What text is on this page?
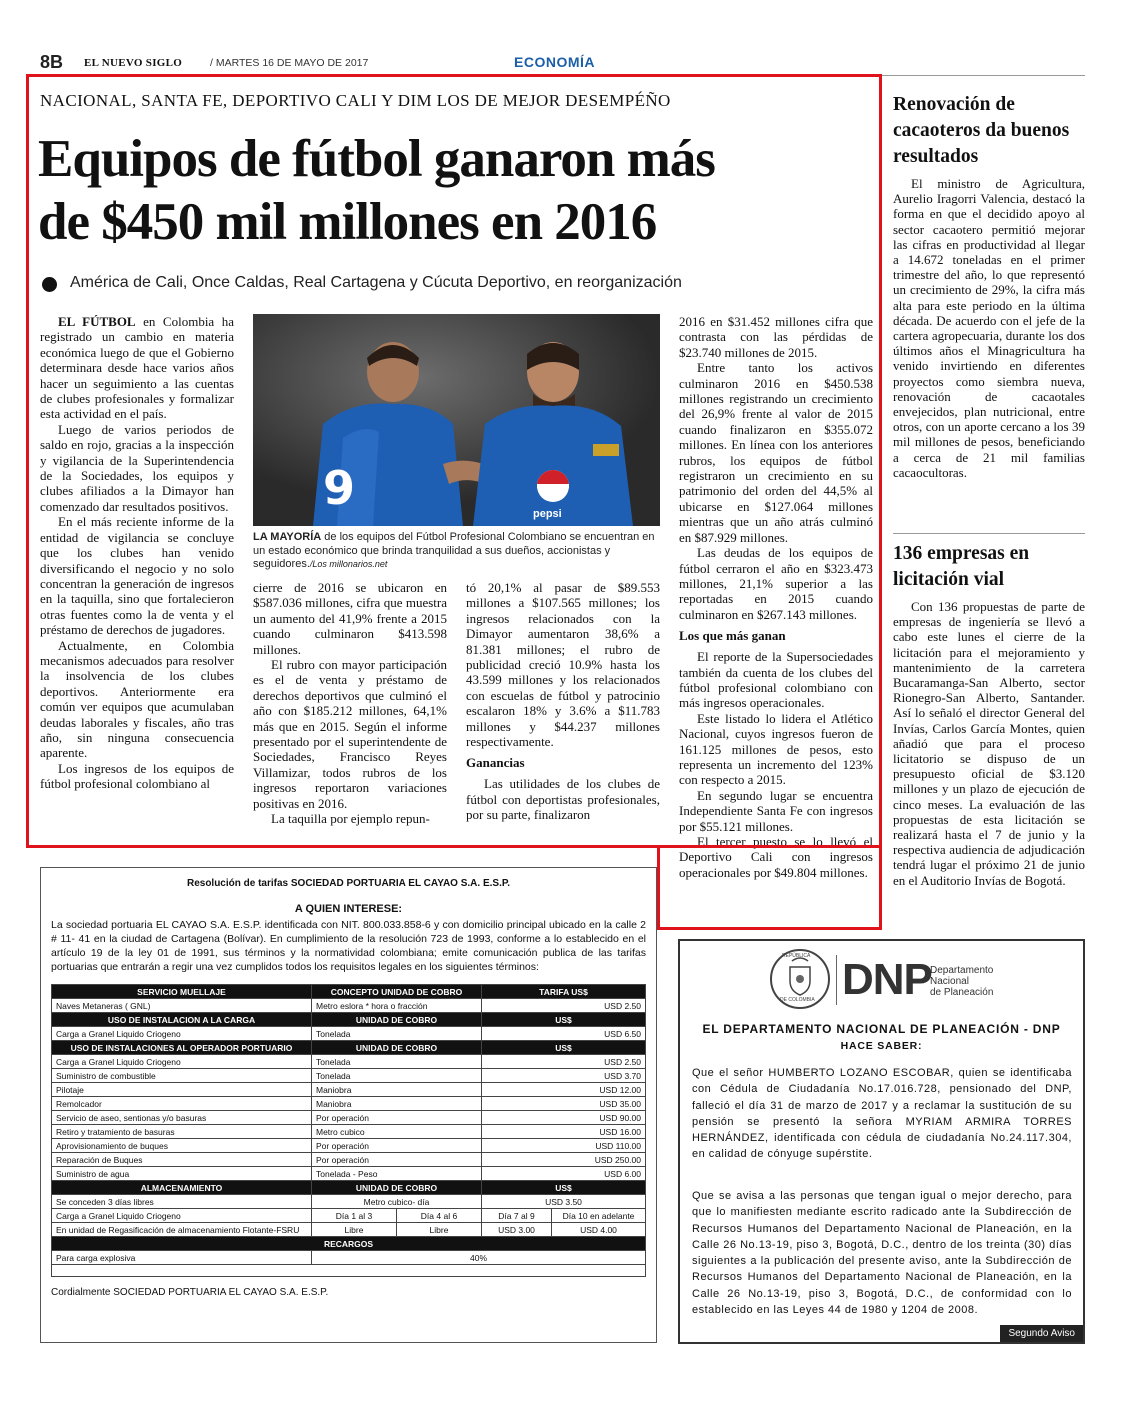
8B EL NUEVO SIGLO	/ MARTES 16 DE MAYO DE 2017	ECONOMÍA
NACIONAL, SANTA FE, DEPORTIVO CALI Y DIM LOS DE MEJOR DESEMPÉÑO
Equipos de fútbol ganaron más
de $450 mil millones en 2016
América de Cali, Once Caldas, Real Cartagena y Cúcuta Deportivo, en reorganización

EL FÚTBOL en Colombia ha registrado un cambio en materia económica luego de que el Gobierno determinara desde hace varios años hacer un seguimiento a las cuentas de clubes profesionales y formalizar esta actividad en el país.

Luego de varios periodos de saldo en rojo, gracias a la inspección y vigilancia de la Superintendencia de la Sociedades, los equipos y clubes afiliados a la Dimayor han comenzado dar resultados positivos.

En el más reciente informe de la entidad de vigilancia se concluye que los clubes han venido diversificando el negocio y no solo concentran la generación de ingresos en la taquilla, sino que fortalecieron otras fuentes como la de venta y el préstamo de derechos de jugadores.

Actualmente, en Colombia mecanismos adecuados para resolver la insolvencia de los clubes deportivos. Anteriormente era común ver equipos que acumulaban deudas laborales y fiscales, año tras año, sin ninguna consecuencia aparente.

Los ingresos de los equipos de fútbol profesional colombiano al

9	pepsi
LA MAYORÍA de los equipos del Fútbol Profesional Colombiano se encuentran en un estado económico que brinda tranquilidad a sus dueños, accionistas y seguidores./Los millonarios.net

cierre de 2016 se ubicaron en $587.036 millones, cifra que muestra un aumento del 41,9% frente a 2015 cuando culminaron $413.598 millones.

El rubro con mayor participación es el de venta y préstamo de derechos deportivos que culminó el año con $185.212 millones, 64,1% más que en 2015. Según el informe presentado por el superintendente de Sociedades, Francisco Reyes Villamizar, todos rubros de los ingresos reportaron variaciones positivas en 2016.

La taquilla por ejemplo repun-

tó 20,1% al pasar de $89.553 millones a $107.565 millones; los ingresos relacionados con la Dimayor aumentaron 38,6% a 81.381 millones; el rubro de publicidad creció 10.9% hasta los 43.599 millones y los relacionados con escuelas de fútbol y patrocinio escalaron 18% y 3.6% a $11.783 millones y $44.237 millones respectivamente.

Ganancias

Las utilidades de los clubes de fútbol con deportistas profesionales, por su parte, finalizaron

2016 en $31.452 millones cifra que contrasta con las pérdidas de $23.740 millones de 2015.

Entre tanto los activos culminaron 2016 en $450.538 millones registrando un crecimiento del 26,9% frente al valor de 2015 cuando finalizaron en $355.072 millones. En línea con los anteriores rubros, los equipos de fútbol registraron un crecimiento en su patrimonio del orden del 44,5% al ubicarse en $127.064 millones mientras que un año atrás culminó en $87.929 millones.

Las deudas de los equipos de fútbol cerraron el año en $323.473 millones, 21,1% superior a las reportadas en 2015 cuando culminaron en $267.143 millones.

Los que más ganan

El reporte de la Supersociedades también da cuenta de los clubes del fútbol profesional colombiano con más ingresos operacionales.

Este listado lo lidera el Atlético Nacional, cuyos ingresos fueron de 161.125 millones de pesos, esto representa un incremento del 123% con respecto a 2015.

En segundo lugar se encuentra Independiente Santa Fe con ingresos por $55.121 millones.

El tercer puesto se lo llevó el Deportivo Cali con ingresos operacionales por $49.804 millones.

Renovación de cacaoteros da buenos resultados

El ministro de Agricultura, Aurelio Iragorri Valencia, destacó la forma en que el decidido apoyo al sector cacaotero permitió mejorar las cifras en productividad al llegar a 14.672 toneladas en el primer trimestre del año, lo que representó un crecimiento de 29%, la cifra más alta para este periodo en la última década. De acuerdo con el jefe de la cartera agropecuaria, durante los dos últimos años el Minagricultura ha venido invirtiendo en diferentes proyectos como siembra nueva, renovación de cacaotales envejecidos, plan nutricional, entre otros, con un aporte cercano a los 39 mil millones de pesos, beneficiando a cerca de 21 mil familias cacaocultoras.

136 empresas en licitación vial

Con 136 propuestas de parte de empresas de ingeniería se llevó a cabo este lunes el cierre de la licitación para el mejoramiento y mantenimiento de la carretera Bucaramanga-San Alberto, sector Rionegro-San Alberto, Santander. Así lo señaló el director General del Invías, Carlos García Montes, quien añadió que para el proceso licitatorio se dispuso de un presupuesto oficial de $3.120 millones y un plazo de ejecución de cinco meses. La evaluación de las propuestas de esta licitación se realizará hasta el 7 de junio y la respectiva audiencia de adjudicación tendrá lugar el próximo 21 de junio en el Auditorio Invías de Bogotá.

Resolución de tarifas SOCIEDAD PORTUARIA EL CAYAO S.A. E.S.P.
A QUIEN INTERESE:
La sociedad portuaria EL CAYAO S.A. E.S.P. identificada con NIT. 800.033.858-6 y con domicilio principal ubicado en la calle 2 # 11- 41 en la ciudad de Cartagena (Bolívar). En cumplimiento de la resolución 723 de 1993, conforme a lo establecido en el artículo 19 de la ley 01 de 1991, sus términos y la normatividad colombiana; emite comunicación publica de las tarifas portuarias que entrarán a regir una vez cumplidos todos los requisitos legales en los siguientes términos:
SERVICIO MUELLAJE	CONCEPTO UNIDAD DE COBRO		TARIFA US$	
Naves Metaneras ( GNL)	Metro eslora * hora o fracción		USD 2.50	
USO DE INSTALACION A LA CARGA	UNIDAD DE COBRO		US$	
Carga a Granel Liquido Criogeno	Tonelada		USD 6.50	
USO DE INSTALACIONES AL OPERADOR PORTUARIO	UNIDAD DE COBRO		US$	
Carga a Granel Liquido Criogeno	Tonelada		USD 2.50	
Suministro de combustible	Tonelada		USD 3.70	
Pilotaje	Maniobra		USD 12.00	
Remolcador	Maniobra		USD 35.00	
Servicio de aseo, sentionas y/o basuras	Por operación		USD 90.00	
Retiro y tratamiento de basuras	Metro cubico		USD 16.00	
Aprovisionamiento de buques	Por operación		USD 110.00	
Reparación de Buques	Por operación		USD 250.00	
Suministro de agua	Tonelada - Peso		USD 6.00	
ALMACENAMIENTO	UNIDAD DE COBRO		US$	
Se conceden 3 días libres	Metro cubico- día		USD 3.50	
Carga a Granel Liquido Criogeno	Día 1 al 3	Día 4 al 6	Día 7 al 9	Día 10 en adelante
En unidad de Regasificación de almacenamiento Flotante-FSRU	Libre	Libre	USD 3.00	USD 4.00
RECARGOS				
Para carga explosiva	40%			

Cordialmente SOCIEDAD PORTUARIA EL CAYAO S.A. E.S.P.
REPÚBLICA
DE COLOMBIA DNP
Departamento
Nacional
de Planeación
EL DEPARTAMENTO NACIONAL DE PLANEACIÓN - DNP
HACE SABER:
Que el señor HUMBERTO LOZANO ESCOBAR, quien se identificaba con Cédula de Ciudadanía No.17.016.728, pensionado del DNP, falleció el día 31 de marzo de 2017 y a reclamar la sustitución de su pensión se presentó la señora MYRIAM ARMIRA TORRES HERNÁNDEZ, identificada con cédula de ciudadanía No.24.117.304, en calidad de cónyuge supérstite.
Que se avisa a las personas que tengan igual o mejor derecho, para que lo manifiesten mediante escrito radicado ante la Subdirección de Recursos Humanos del Departamento Nacional de Planeación, en la Calle 26 No.13-19, piso 3, Bogotá, D.C., dentro de los treinta (30) días siguientes a la publicación del presente aviso, ante la Subdirección de Recursos Humanos del Departamento Nacional de Planeación, en la Calle 26 No.13-19, piso 3, Bogotá, D.C., de conformidad con lo establecido en las Leyes 44 de 1980 y 1204 de 2008.
Segundo Aviso
